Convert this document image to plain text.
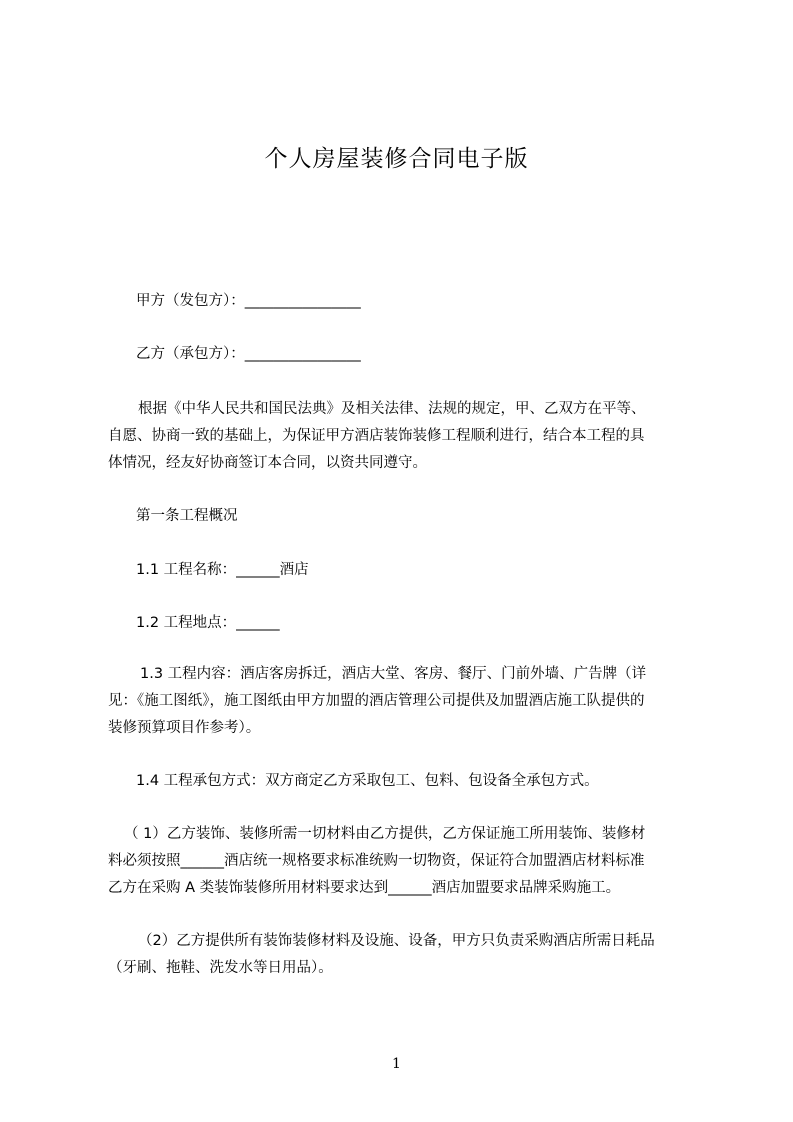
个人房屋装修合同电子版
甲方（发包方）：________________
乙方（承包方）：________________
根据《中华人民共和国民法典》及相关法律、法规的规定，甲、乙双方在平等、
自愿、协商一致的基础上，为保证甲方酒店装饰装修工程顺利进行，结合本工程的具
体情况，经友好协商签订本合同，以资共同遵守。
第一条工程概况
1.1 工程名称：______酒店
1.2 工程地点：______
1.3 工程内容：酒店客房拆迁，酒店大堂、客房、餐厅、门前外墙、广告牌（详
见：《施工图纸》，施工图纸由甲方加盟的酒店管理公司提供及加盟酒店施工队提供的
装修预算项目作参考）。
1.4 工程承包方式：双方商定乙方采取包工、包料、包设备全承包方式。
（ 1）乙方装饰、装修所需一切材料由乙方提供，乙方保证施工所用装饰、装修材
料必须按照______酒店统一规格要求标准统购一切物资，保证符合加盟酒店材料标准
乙方在采购 A 类装饰装修所用材料要求达到______酒店加盟要求品牌采购施工。
（2）乙方提供所有装饰装修材料及设施、设备，甲方只负责采购酒店所需日耗品
（牙刷、拖鞋、洗发水等日用品）。
1
